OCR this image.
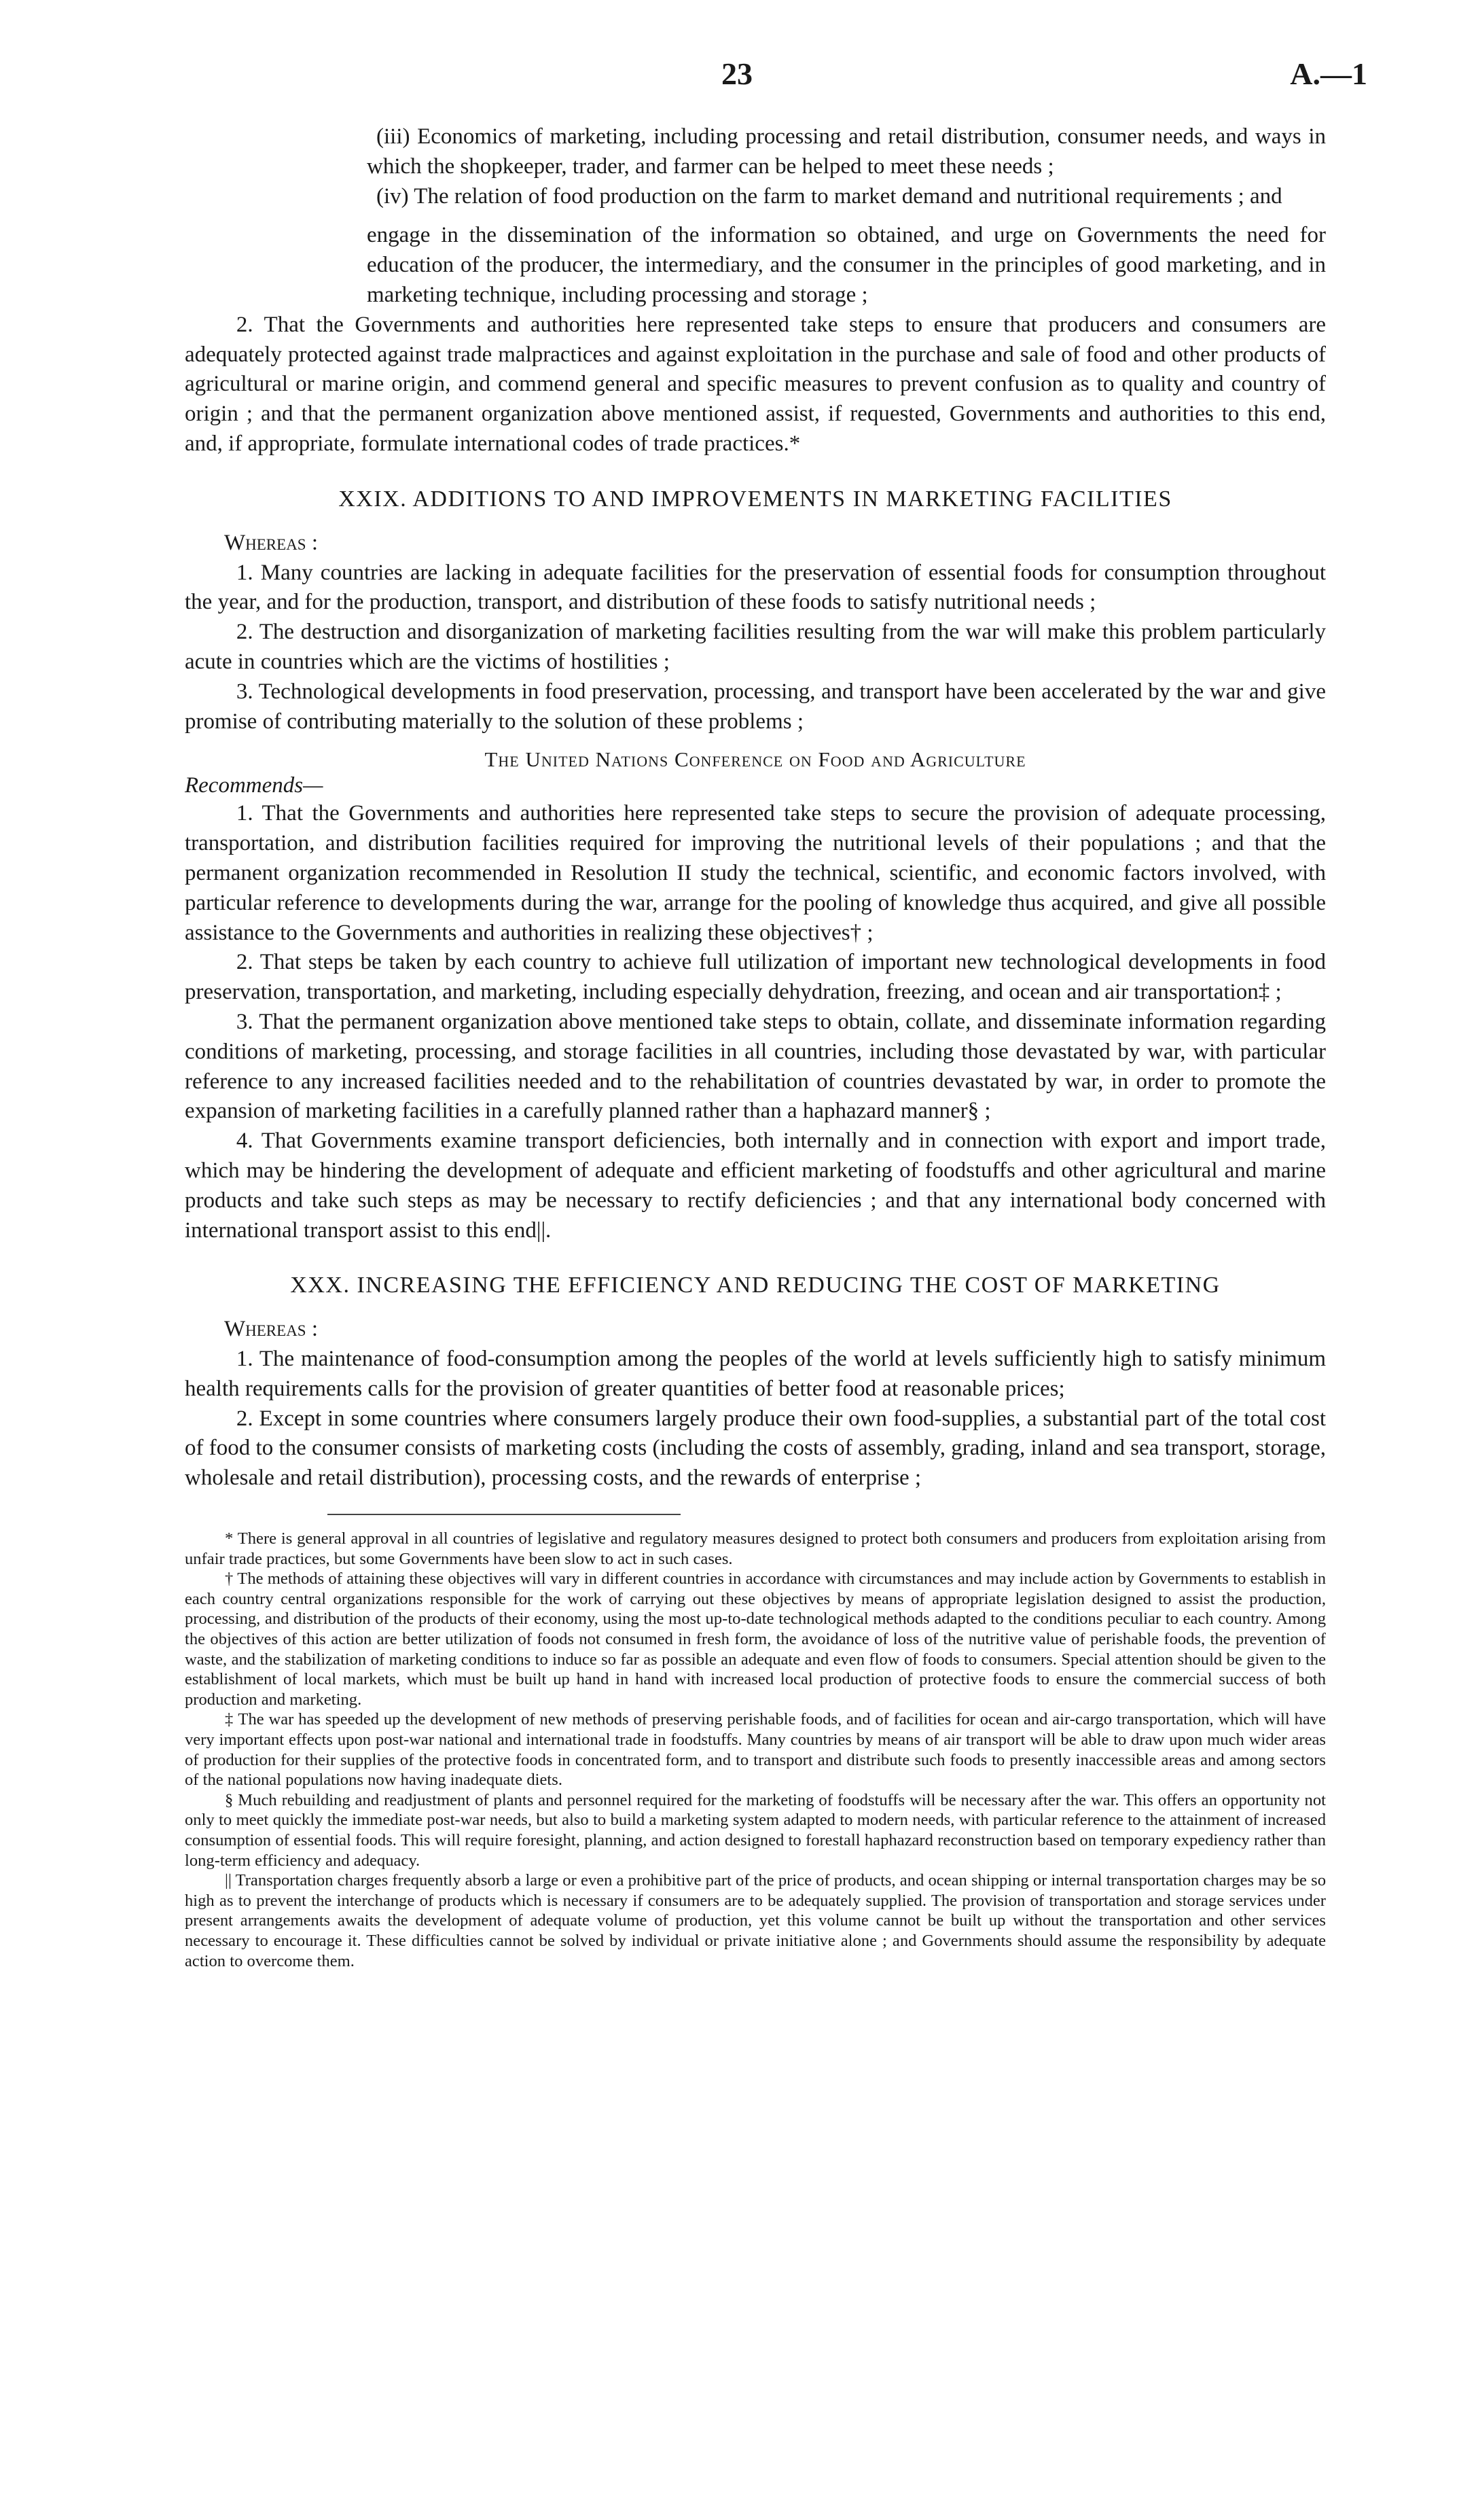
23	A.—1

(iii) Economics of marketing, including processing and retail distribution, consumer needs, and ways in which the shopkeeper, trader, and farmer can be helped to meet these needs ;

(iv) The relation of food production on the farm to market demand and nutritional requirements ; and

engage in the dissemination of the information so obtained, and urge on Governments the need for education of the producer, the intermediary, and the consumer in the principles of good marketing, and in marketing technique, including processing and storage ;

2. That the Governments and authorities here represented take steps to ensure that producers and consumers are adequately protected against trade malpractices and against exploitation in the purchase and sale of food and other products of agricultural or marine origin, and commend general and specific measures to prevent confusion as to quality and country of origin ; and that the permanent organization above mentioned assist, if requested, Governments and authorities to this end, and, if appropriate, formulate international codes of trade practices.*

XXIX. ADDITIONS TO AND IMPROVEMENTS IN MARKETING FACILITIES
Whereas :

1. Many countries are lacking in adequate facilities for the preservation of essential foods for consumption throughout the year, and for the production, transport, and distribution of these foods to satisfy nutritional needs ;

2. The destruction and disorganization of marketing facilities resulting from the war will make this problem particularly acute in countries which are the victims of hostilities ;

3. Technological developments in food preservation, processing, and transport have been accelerated by the war and give promise of contributing materially to the solution of these problems ;

The United Nations Conference on Food and Agriculture
Recommends—

1. That the Governments and authorities here represented take steps to secure the provision of adequate processing, transportation, and distribution facilities required for improving the nutritional levels of their populations ; and that the permanent organization recommended in Resolution II study the technical, scientific, and economic factors involved, with particular reference to developments during the war, arrange for the pooling of knowledge thus acquired, and give all possible assistance to the Governments and authorities in realizing these objectives† ;

2. That steps be taken by each country to achieve full utilization of important new technological developments in food preservation, transportation, and marketing, including especially dehydration, freezing, and ocean and air transportation‡ ;

3. That the permanent organization above mentioned take steps to obtain, collate, and disseminate information regarding conditions of marketing, processing, and storage facilities in all countries, including those devastated by war, with particular reference to any increased facilities needed and to the rehabilitation of countries devastated by war, in order to promote the expansion of marketing facilities in a carefully planned rather than a haphazard manner§ ;

4. That Governments examine transport deficiencies, both internally and in connection with export and import trade, which may be hindering the development of adequate and efficient marketing of foodstuffs and other agricultural and marine products and take such steps as may be necessary to rectify deficiencies ; and that any international body concerned with international transport assist to this end||.

XXX. INCREASING THE EFFICIENCY AND REDUCING THE COST OF MARKETING
Whereas :

1. The maintenance of food-consumption among the peoples of the world at levels sufficiently high to satisfy minimum health requirements calls for the provision of greater quantities of better food at reasonable prices;

2. Except in some countries where consumers largely produce their own food-supplies, a substantial part of the total cost of food to the consumer consists of marketing costs (including the costs of assembly, grading, inland and sea transport, storage, wholesale and retail distribution), processing costs, and the rewards of enterprise ;

* There is general approval in all countries of legislative and regulatory measures designed to protect both consumers and producers from exploitation arising from unfair trade practices, but some Governments have been slow to act in such cases.

† The methods of attaining these objectives will vary in different countries in accordance with circumstances and may include action by Governments to establish in each country central organizations responsible for the work of carrying out these objectives by means of appropriate legislation designed to assist the production, processing, and distribution of the products of their economy, using the most up-to-date technological methods adapted to the conditions peculiar to each country. Among the objectives of this action are better utilization of foods not consumed in fresh form, the avoidance of loss of the nutritive value of perishable foods, the prevention of waste, and the stabilization of marketing conditions to induce so far as possible an adequate and even flow of foods to consumers. Special attention should be given to the establishment of local markets, which must be built up hand in hand with increased local production of protective foods to ensure the commercial success of both production and marketing.

‡ The war has speeded up the development of new methods of preserving perishable foods, and of facilities for ocean and air-cargo transportation, which will have very important effects upon post-war national and international trade in foodstuffs. Many countries by means of air transport will be able to draw upon much wider areas of production for their supplies of the protective foods in concentrated form, and to transport and distribute such foods to presently inaccessible areas and among sectors of the national populations now having inadequate diets.

§ Much rebuilding and readjustment of plants and personnel required for the marketing of foodstuffs will be necessary after the war. This offers an opportunity not only to meet quickly the immediate post-war needs, but also to build a marketing system adapted to modern needs, with particular reference to the attainment of increased consumption of essential foods. This will require foresight, planning, and action designed to forestall haphazard reconstruction based on temporary expediency rather than long-term efficiency and adequacy.

|| Transportation charges frequently absorb a large or even a prohibitive part of the price of products, and ocean shipping or internal transportation charges may be so high as to prevent the interchange of products which is necessary if consumers are to be adequately supplied. The provision of transportation and storage services under present arrangements awaits the development of adequate volume of production, yet this volume cannot be built up without the transportation and other services necessary to encourage it. These difficulties cannot be solved by individual or private initiative alone ; and Governments should assume the responsibility by adequate action to overcome them.
